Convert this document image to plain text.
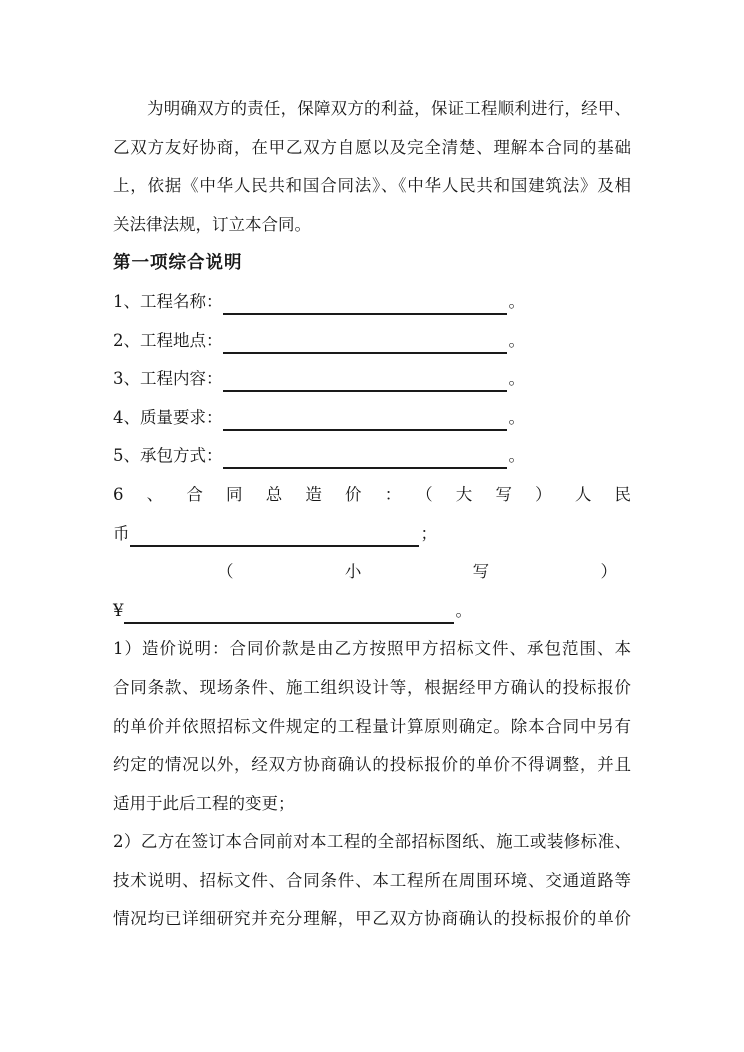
为明确双方的责任，保障双方的利益，保证工程顺利进行，经甲、

乙双方友好协商，在甲乙双方自愿以及完全清楚、理解本合同的基础

上，依据《中华人民共和国合同法》、《中华人民共和国建筑法》及相

关法律法规，订立本合同。

第一项综合说明
1、工程名称：	。
2、工程地点：	。
3、工程内容：	。
4、质量要求：	。
5、承包方式：	。

6、合同总造价：（大写）人民

币	；

（小写）

¥	。

1）造价说明：合同价款是由乙方按照甲方招标文件、承包范围、本

合同条款、现场条件、施工组织设计等，根据经甲方确认的投标报价

的单价并依照招标文件规定的工程量计算原则确定。除本合同中另有

约定的情况以外，经双方协商确认的投标报价的单价不得调整，并且

适用于此后工程的变更；

2）乙方在签订本合同前对本工程的全部招标图纸、施工或装修标准、

技术说明、招标文件、合同条件、本工程所在周围环境、交通道路等

情况均已详细研究并充分理解，甲乙双方协商确认的投标报价的单价
